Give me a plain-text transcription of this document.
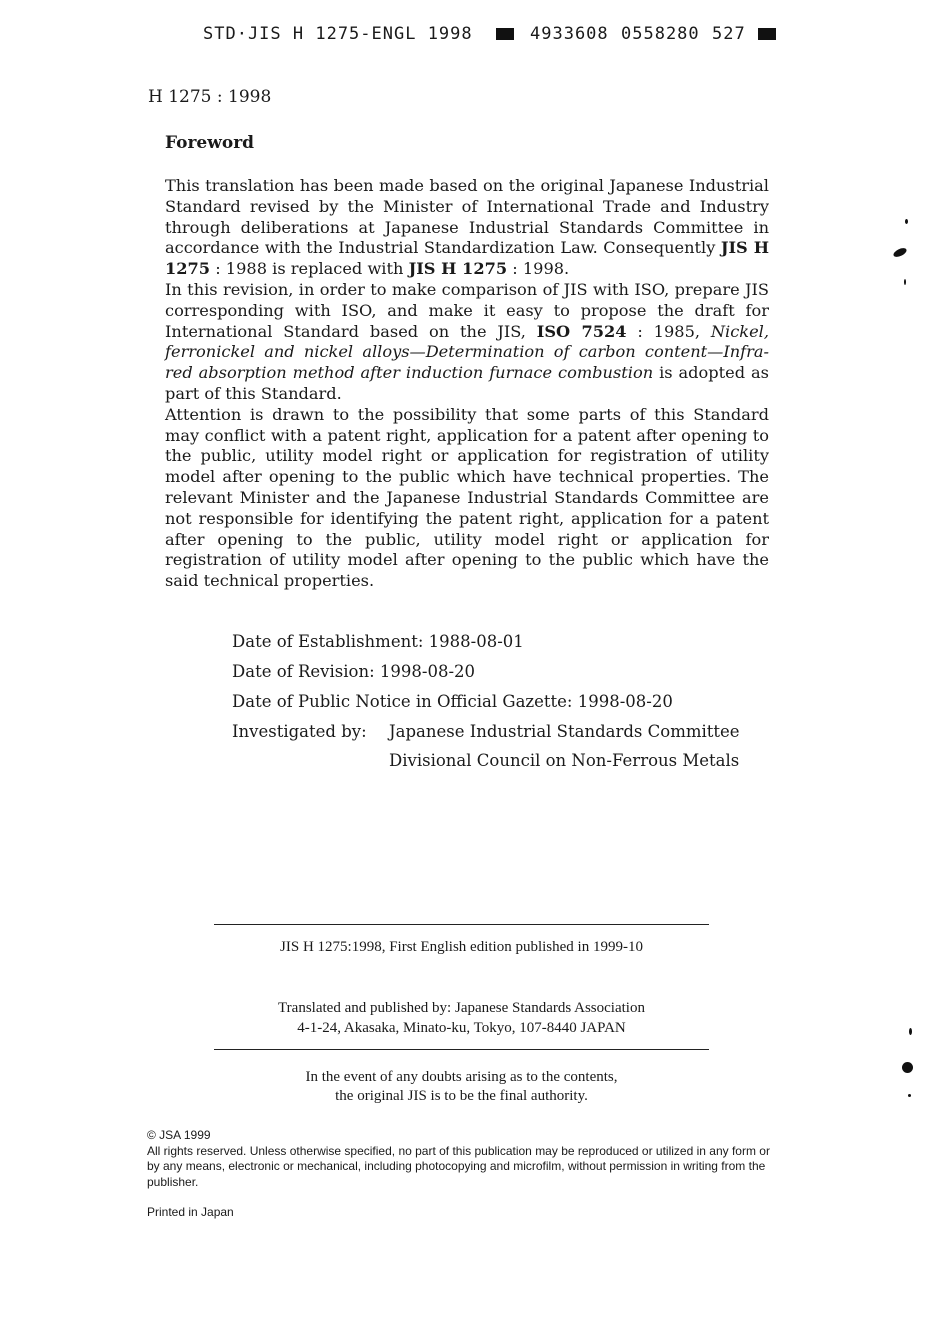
STD·JIS H 1275-ENGL 1998	4933608 0558280 527
H 1275 : 1998
Foreword

This translation has been made based on the original Japanese Industrial Standard revised by the Minister of International Trade and Industry through deliberations at Japanese Industrial Standards Committee in accordance with the Industrial Standardization Law. Consequently JIS H 1275 : 1988 is replaced with JIS H 1275 : 1998.

In this revision, in order to make comparison of JIS with ISO, prepare JIS corresponding with ISO, and make it easy to propose the draft for International Standard based on the JIS, ISO 7524 : 1985, Nickel, ferronickel and nickel alloys—Determination of carbon content—Infra-red absorption method after induction furnace combustion is adopted as part of this Standard.

Attention is drawn to the possibility that some parts of this Standard may conflict with a patent right, application for a patent after opening to the public, utility model right or application for registration of utility model after opening to the public which have technical properties. The relevant Minister and the Japanese Industrial Standards Committee are not responsible for identifying the patent right, application for a patent after opening to the public, utility model right or application for registration of utility model after opening to the public which have the said technical properties.

Date of Establishment: 1988-08-01
Date of Revision: 1998-08-20
Date of Public Notice in Official Gazette: 1998-08-20
Investigated by: Japanese Industrial Standards Committee
Divisional Council on Non-Ferrous Metals
JIS H 1275:1998, First English edition published in 1999-10
Translated and published by: Japanese Standards Association
4-1-24, Akasaka, Minato-ku, Tokyo, 107-8440 JAPAN
In the event of any doubts arising as to the contents,
the original JIS is to be the final authority.

© JSA 1999

All rights reserved. Unless otherwise specified, no part of this publication may be reproduced or utilized in any form or by any means, electronic or mechanical, including photocopying and microfilm, without permission in writing from the publisher.

Printed in Japan
